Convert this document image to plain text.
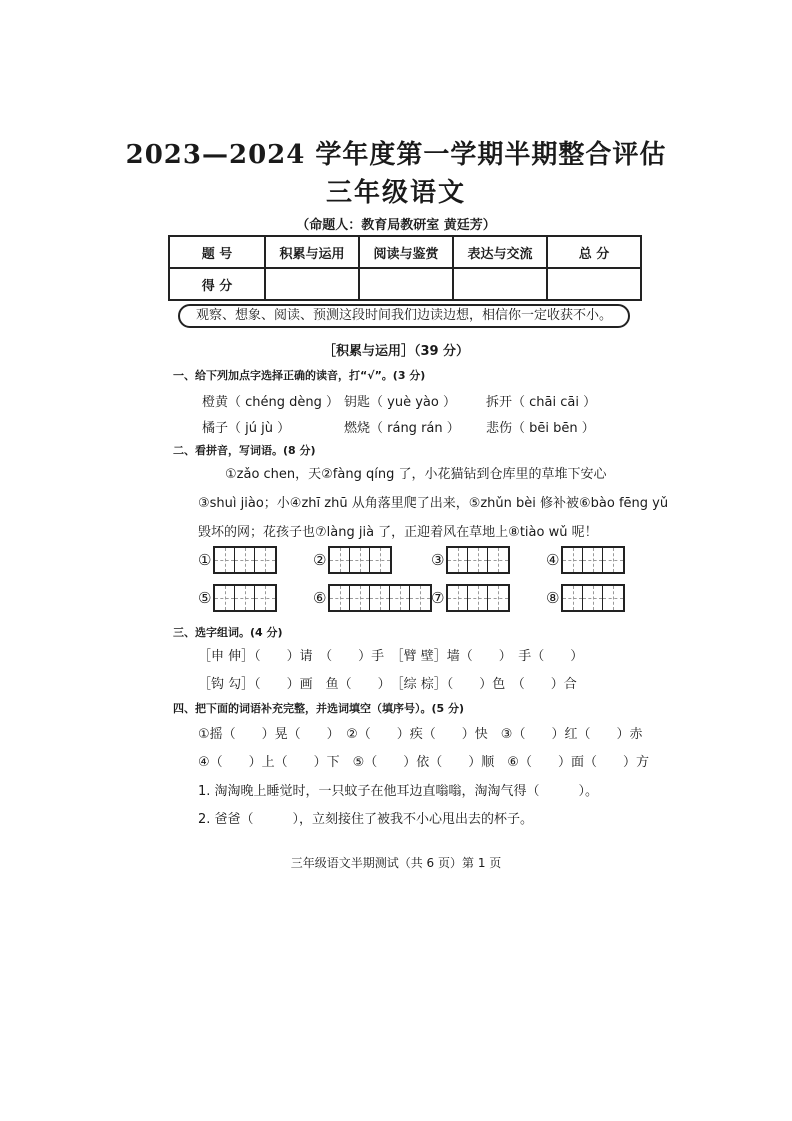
2023—2024 学年度第一学期半期整合评估
三年级语文
（命题人：教育局教研室 黄廷芳）
题 号	积累与运用	阅读与鉴赏	表达与交流	总 分
得 分				
观察、想象、阅读、预测这段时间我们边读边想，相信你一定收获不小。
［积累与运用］（39 分）
一、给下列加点字选择正确的读音，打“√”。(3 分)
橙黄（ chéng dèng ） 钥匙（ yuè yào ） 拆开（ chāi cāi ）
橘子（ jú jù ）	燃烧（ ráng rán ） 悲伤（ bēi bēn ）
二、看拼音，写词语。(8 分)
①zǎo chen，天②fàng qíng 了，小花猫钻到仓库里的草堆下安心
③shuì jiào；小④zhī zhū 从角落里爬了出来，⑤zhǔn bèi 修补被⑥bào fēng yǔ
毁坏的网；花孩子也⑦làng jià 了，正迎着风在草地上⑧tiào wǔ 呢！
①	②	③	④
⑤	⑥	⑦	⑧
三、选字组词。(4 分)
［申 伸］（　　）请　（　　）手　［臂 壁］墙（　　）　手（　　）
［钩 勾］（　　）画　鱼（　　）　［综 棕］（　　）色　（　　）合
四、把下面的词语补充完整，并选词填空（填序号）。(5 分)
①摇（　　）晃（　　）　②（　　）疾（　　）快　③（　　）红（　　）赤
④（　　）上（　　）下　⑤（　　）依（　　）顺　⑥（　　）面（　　）方
1. 淘淘晚上睡觉时，一只蚊子在他耳边直嗡嗡，淘淘气得（　　　）。
2. 爸爸（　　　），立刻接住了被我不小心甩出去的杯子。
三年级语文半期测试（共 6 页）第 1 页
